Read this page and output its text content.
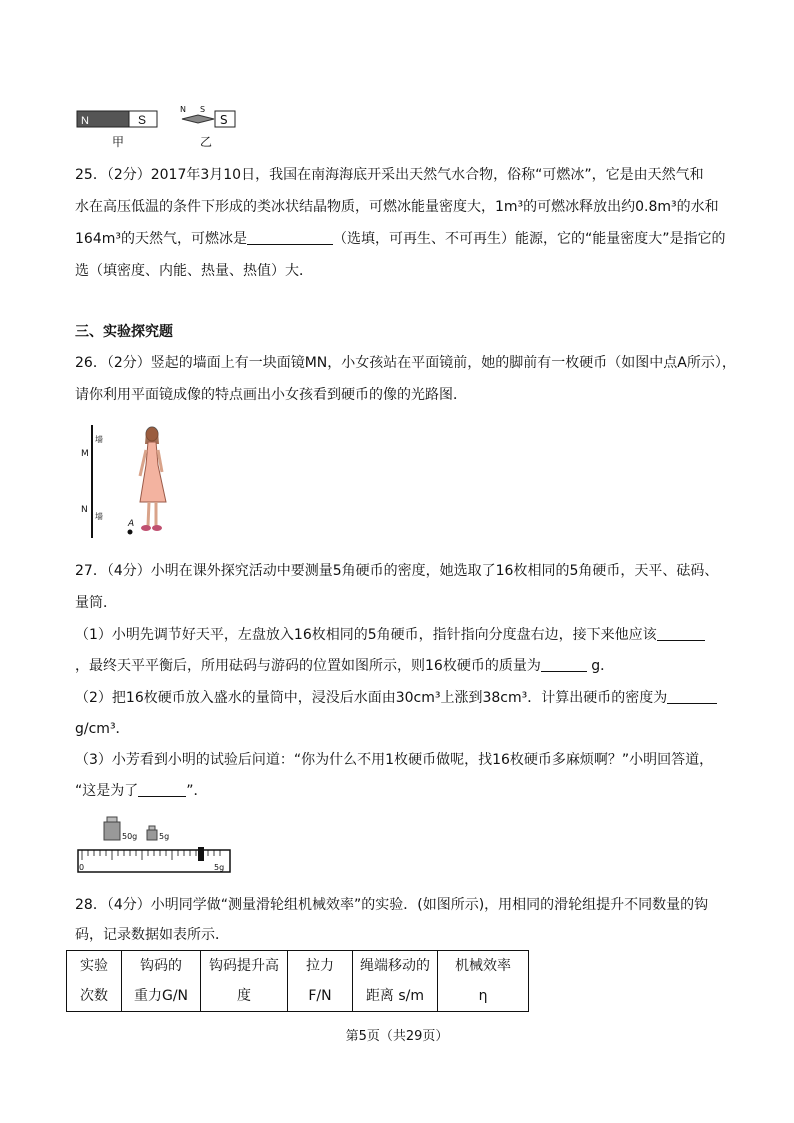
N	S
甲
N S
S
乙
25．（2分）2017年3月10日，我国在南海海底开采出天然气水合物，俗称“可燃冰”，它是由天然气和
水在高压低温的条件下形成的类冰状结晶物质，可燃冰能量密度大，1m³的可燃冰释放出约0.8m³的水和
164m³的天然气，可燃冰是	（选填，可再生、不可再生）能源，它的“能量密度大”是指它的
选（填密度、内能、热量、热值）大．
三、实验探究题
26．（2分）竖起的墙面上有一块面镜MN，小女孩站在平面镜前，她的脚前有一枚硬币（如图中点A所示），
请你利用平面镜成像的特点画出小女孩看到硬币的像的光路图．
墙
墙
M
N
A
27．（4分）小明在课外探究活动中要测量5角硬币的密度，她选取了16枚相同的5角硬币，天平、砝码、
量筒．
（1）小明先调节好天平，左盘放入16枚相同的5角硬币，指针指向分度盘右边，接下来他应该
，最终天平平衡后，所用砝码与游码的位置如图所示，则16枚硬币的质量为	g．
（2）把16枚硬币放入盛水的量筒中，浸没后水面由30cm³上涨到38cm³．计算出硬币的密度为
g/cm³．
（3）小芳看到小明的试验后问道：“你为什么不用1枚硬币做呢，找16枚硬币多麻烦啊？”小明回答道，
“这是为了	”．
50g	5g
0	5g
28．（4分）小明同学做“测量滑轮组机械效率”的实验．(如图所示)，用相同的滑轮组提升不同数量的钩
码，记录数据如表所示．
实验
次数

钩码的
重力G/N

钩码提升高
度

拉力
F/N

绳端移动的
距离 s/m

机械效率
η
第5页（共29页）
